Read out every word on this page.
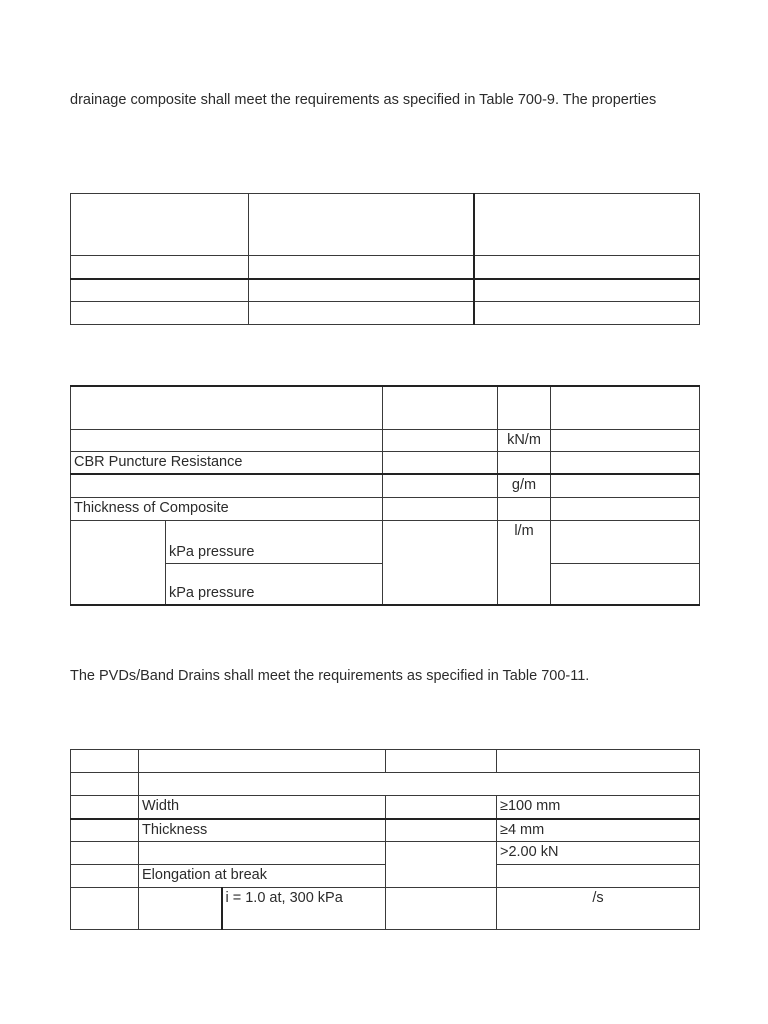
drainage composite shall meet the requirements as specified in Table 700-9. The properties

			kN/m	
CBR Puncture Resistance				
			g/m	
Thickness of Composite				
	kPa pressure		l/m	
	kPa pressure			
The PVDs/Band Drains shall meet the requirements as specified in Table 700-11.

	Width			≥100 mm
	Thickness			≥4 mm
				>2.00 kN
	Elongation at break			
		i = 1.0 at, 300 kPa		/s
